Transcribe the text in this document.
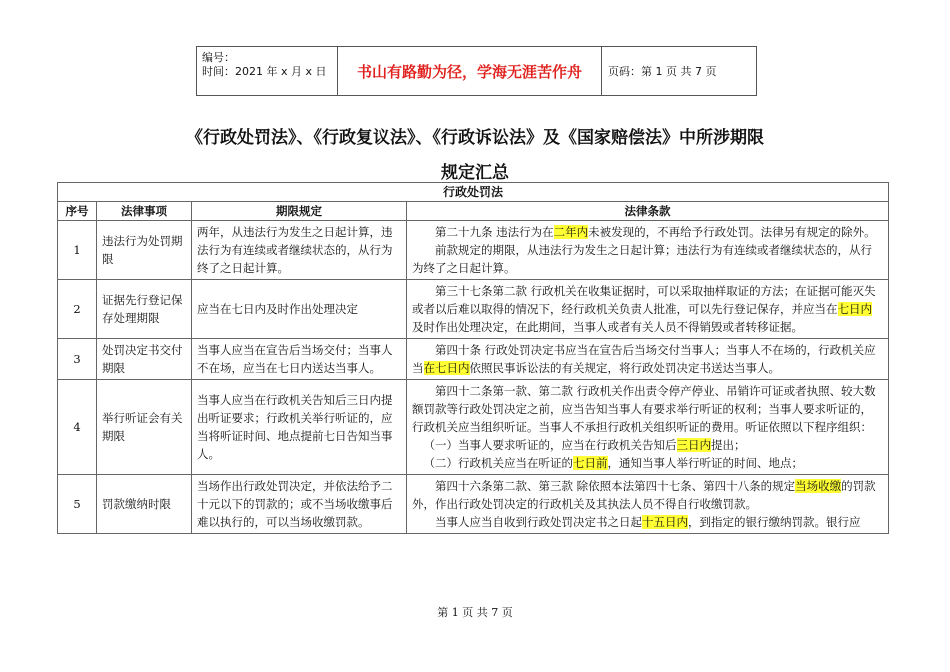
编号：
时间：2021 年 x 月 x 日	书山有路勤为径，学海无涯苦作舟	页码：第 1 页 共 7 页
《行政处罚法》、《行政复议法》、《行政诉讼法》及《国家赔偿法》中所涉期限
规定汇总
行政处罚法			
序号	法律事项	期限规定	法律条款
1	违法行为处罚期限	两年，从违法行为发生之日起计算，违法行为有连续或者继续状态的，从行为终了之日起计算。	第二十九条 违法行为在二年内未被发现的，不再给予行政处罚。法律另有规定的除外。

前款规定的期限，从违法行为发生之日起计算；违法行为有连续或者继续状态的，从行为终了之日起计算。

2	证据先行登记保存处理期限	应当在七日内及时作出处理决定	第三十七条第二款 行政机关在收集证据时，可以采取抽样取证的方法；在证据可能灭失或者以后难以取得的情况下，经行政机关负责人批准，可以先行登记保存，并应当在七日内及时作出处理决定，在此期间，当事人或者有关人员不得销毁或者转移证据。

3	处罚决定书交付期限	当事人应当在宣告后当场交付；当事人不在场，应当在七日内送达当事人。	第四十条 行政处罚决定书应当在宣告后当场交付当事人；当事人不在场的，行政机关应当在七日内依照民事诉讼法的有关规定，将行政处罚决定书送达当事人。

4	举行听证会有关期限	当事人应当在行政机关告知后三日内提出听证要求；行政机关举行听证的，应当将听证时间、地点提前七日告知当事人。	第四十二条第一款、第二款 行政机关作出责令停产停业、吊销许可证或者执照、较大数额罚款等行政处罚决定之前，应当告知当事人有要求举行听证的权利；当事人要求听证的，行政机关应当组织听证。当事人不承担行政机关组织听证的费用。听证依照以下程序组织：

（一）当事人要求听证的，应当在行政机关告知后三日内提出；

（二）行政机关应当在听证的七日前，通知当事人举行听证的时间、地点；

5	罚款缴纳时限	当场作出行政处罚决定，并依法给予二十元以下的罚款的；或不当场收缴事后难以执行的，可以当场收缴罚款。	第四十六条第二款、第三款 除依照本法第四十七条、第四十八条的规定当场收缴的罚款外，作出行政处罚决定的行政机关及其执法人员不得自行收缴罚款。

当事人应当自收到行政处罚决定书之日起十五日内，到指定的银行缴纳罚款。银行应

第 1 页 共 7 页
